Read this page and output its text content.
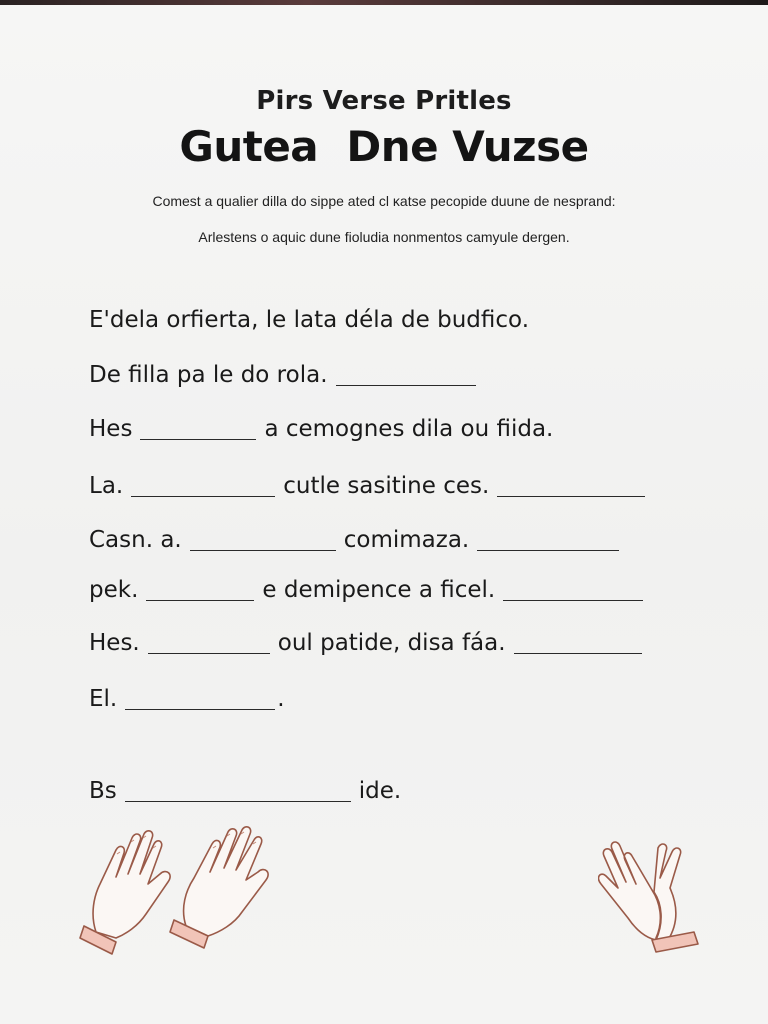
Pirs Verse Pritles
Gutea  Dne Vuzse
Comest a qualier dilla do sippe ated cl ĸatse pecopide duune de nesprand:
Arlestens o aquic dune fioludia nonmentos camyule dergen.
E'dela orfierta, le lata déla de budfico.
De filla pa le do rola.
Hes	a cemognes dila ou fiida.
La.	cutle sasitine ces.
Casn. a.	comimaza.
pek.	e demipence a ficel.
Hes.	oul patide, disa fáa.
El.	.
Bs	ide.
